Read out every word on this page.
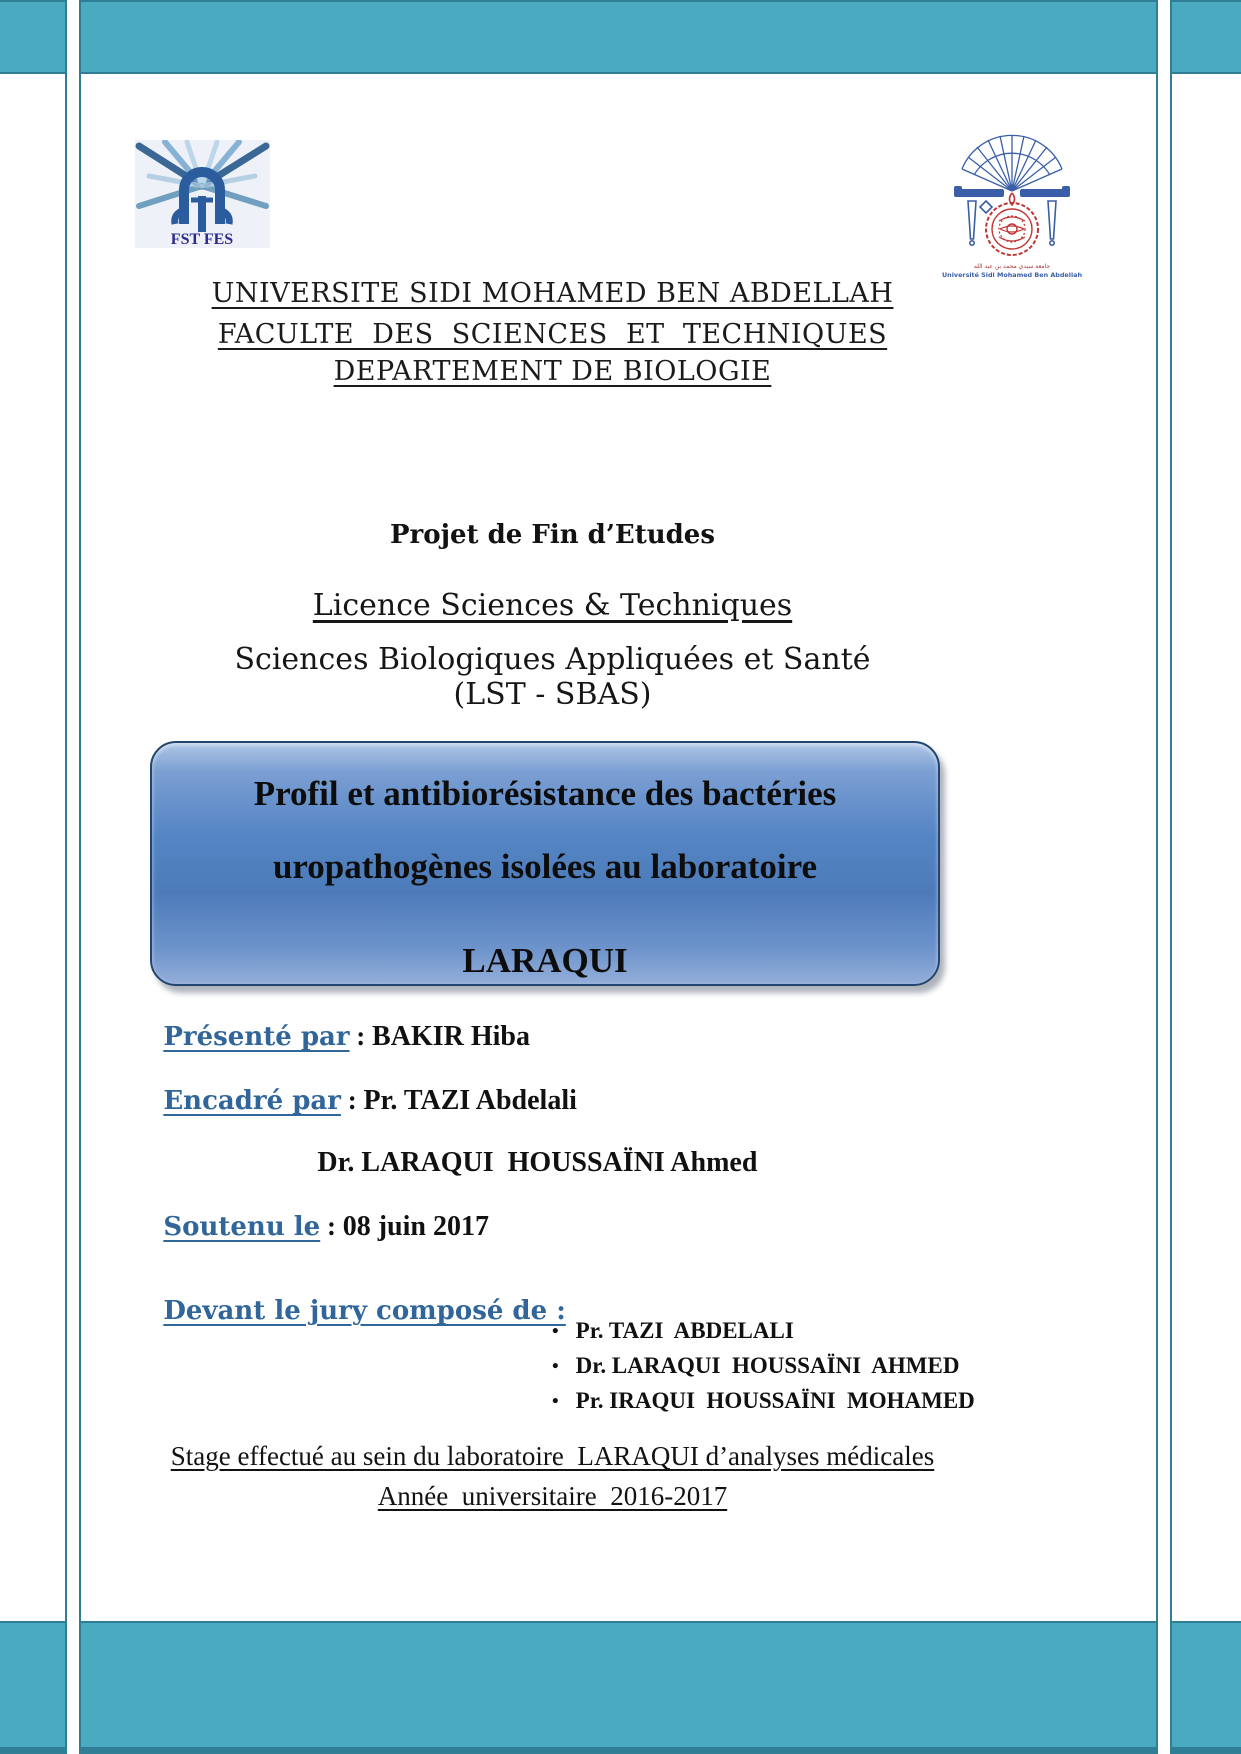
FST FES
جامعة سيدي محمد بن عبد الله
Université Sidi Mohamed Ben Abdellah
UNIVERSITE SIDI MOHAMED BEN ABDELLAH
FACULTE  DES  SCIENCES  ET  TECHNIQUES
DEPARTEMENT DE BIOLOGIE
Projet de Fin d’Etudes
Licence Sciences & Techniques
Sciences Biologiques Appliquées et Santé
(LST - SBAS)
Profil et antibiorésistance des bactéries
uropathogènes isolées au laboratoire
LARAQUI

Présenté par : BAKIR Hiba

Encadré par : Pr. TAZI Abdelali

Dr. LARAQUI  HOUSSAÏNI Ahmed

Soutenu le : 08 juin 2017

Devant le jury composé de :

• Pr. TAZI  ABDELALI
• Dr. LARAQUI  HOUSSAÏNI  AHMED
• Pr. IRAQUI  HOUSSAÏNI  MOHAMED
Stage effectué au sein du laboratoire  LARAQUI d’analyses médicales
Année  universitaire  2016-2017
